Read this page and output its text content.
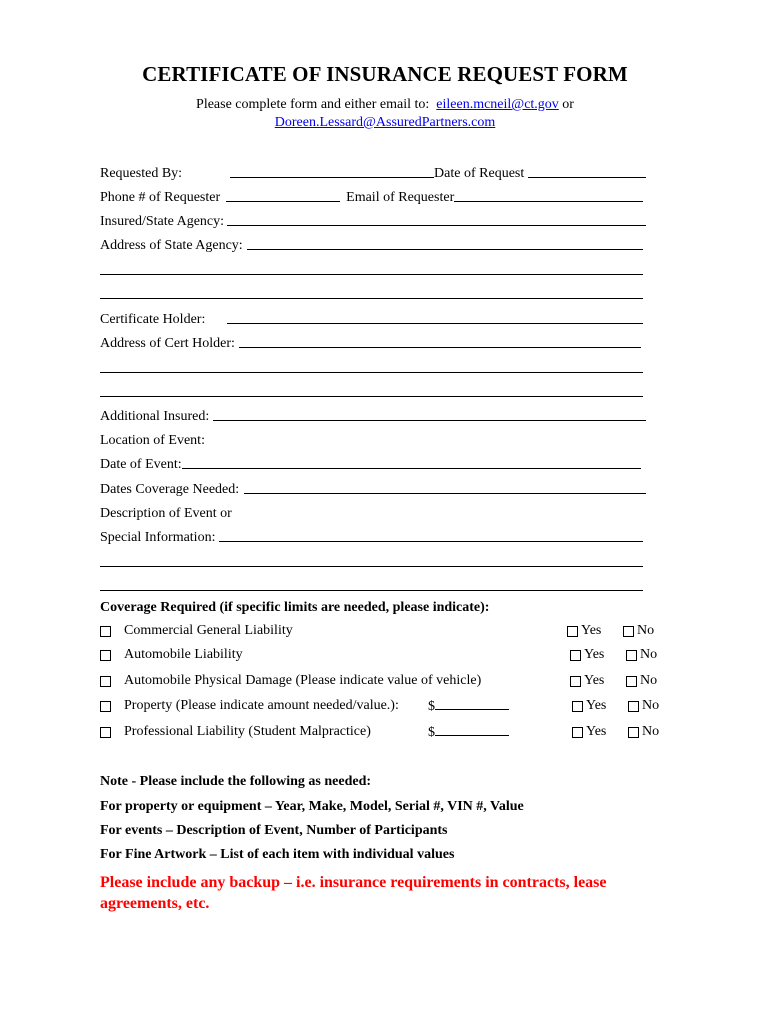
CERTIFICATE OF INSURANCE REQUEST FORM
Please complete form and either email to: eileen.mcneil@ct.gov or
Doreen.Lessard@AssuredPartners.com
Requested By:	Date of Request
Phone # of Requester	Email of Requester
Insured/State Agency:
Address of State Agency:
Certificate Holder:
Address of Cert Holder:
Additional Insured:
Location of Event:
Date of Event:
Dates Coverage Needed:
Description of Event or
Special Information:
Coverage Required (if specific limits are needed, please indicate):
Commercial General Liability	Yes	No
Automobile Liability	Yes	No
Automobile Physical Damage (Please indicate value of vehicle)	Yes	No
Property (Please indicate amount needed/value.): $	Yes	No
Professional Liability (Student Malpractice)	$	Yes	No
Note - Please include the following as needed:
For property or equipment – Year, Make, Model, Serial #, VIN #, Value
For events – Description of Event, Number of Participants
For Fine Artwork – List of each item with individual values
Please include any backup – i.e. insurance requirements in contracts, lease agreements, etc.
